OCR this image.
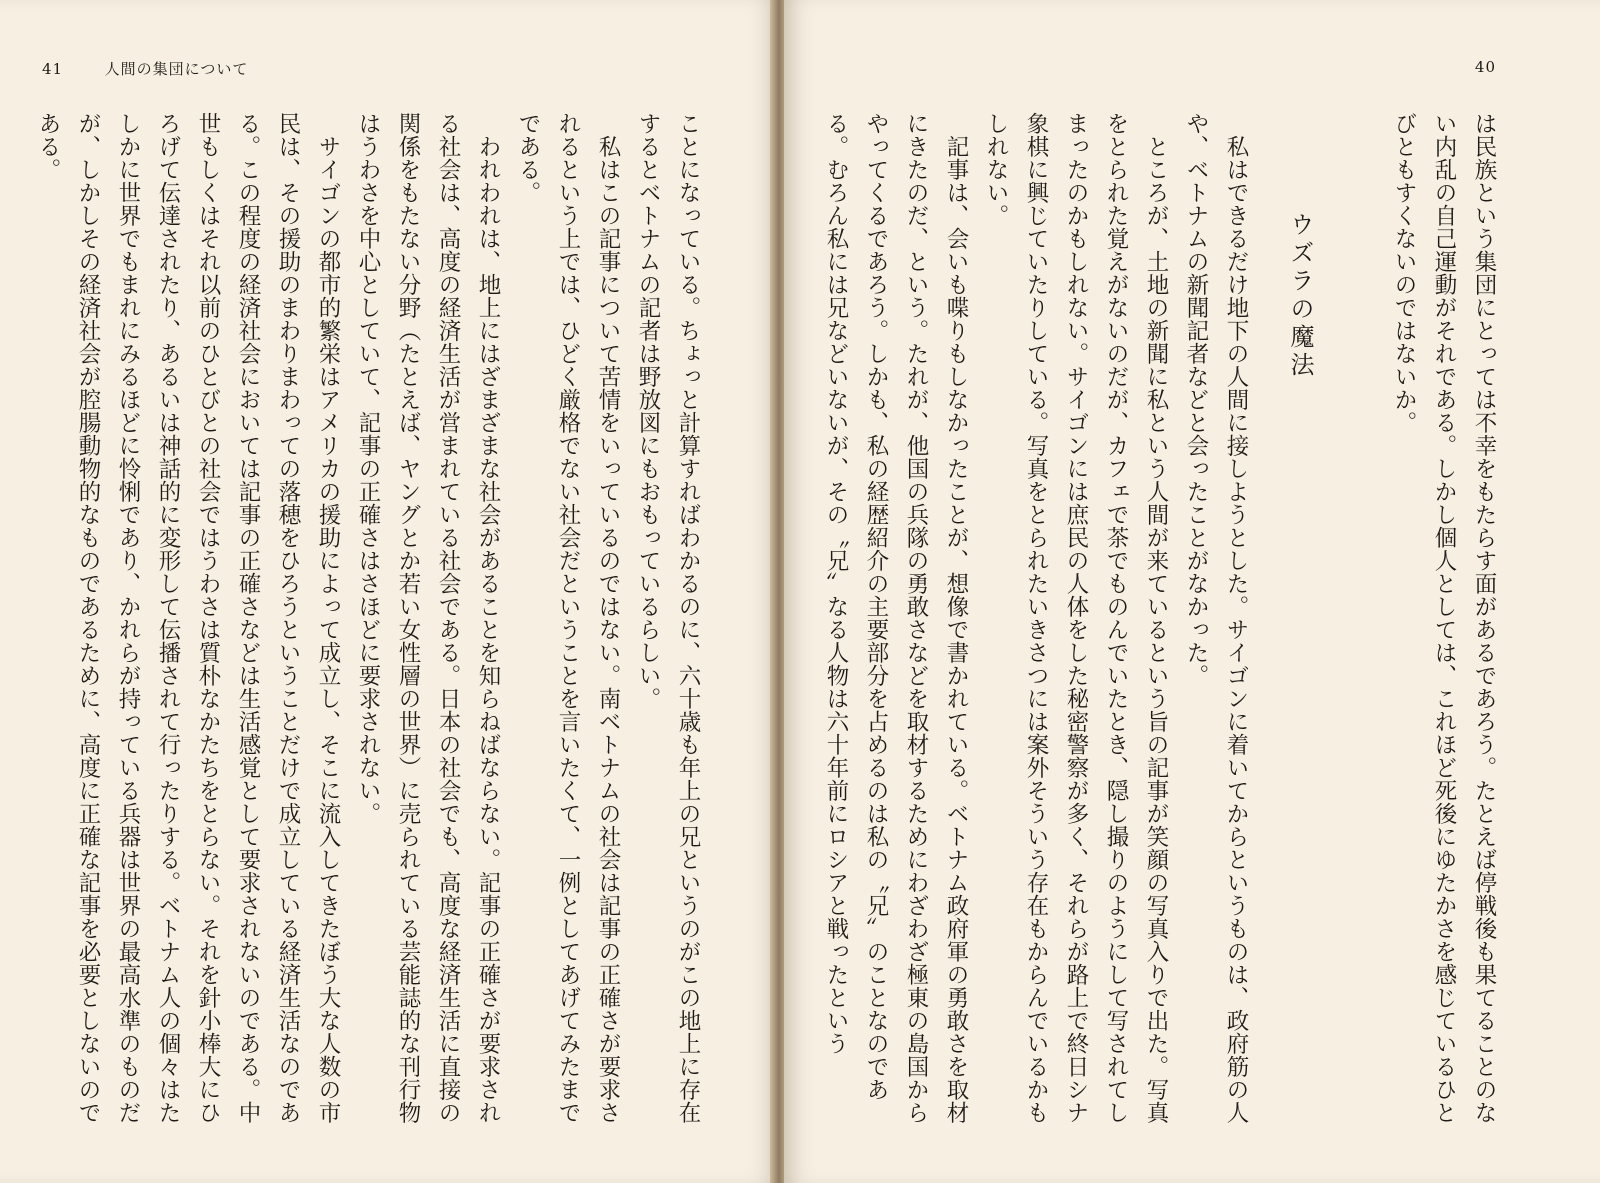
41	人間の集団について

ことになっている。ちょっと計算すればわかるのに、六十歳も年上の兄というのがこの地上に存在するとベトナムの記者は野放図にもおもっているらしい。

私はこの記事について苦情をいっているのではない。南ベトナムの社会は記事の正確さが要求されるという上では、ひどく厳格でない社会だということを言いたくて、一例としてあげてみたまでである。

われわれは、地上にはざまざまな社会があることを知らねばならない。記事の正確さが要求される社会は、高度の経済生活が営まれている社会である。日本の社会でも、高度な経済生活に直接の関係をもたない分野（たとえば、ヤングとか若い女性層の世界）に売られている芸能誌的な刊行物はうわさを中心としていて、記事の正確さはさほどに要求されない。

サイゴンの都市的繁栄はアメリカの援助によって成立し、そこに流入してきたぼう大な人数の市民は、その援助のまわりまわっての落穂をひろうということだけで成立している経済生活なのである。この程度の経済社会においては記事の正確さなどは生活感覚として要求されないのである。中世もしくはそれ以前のひとびとの社会ではうわさは質朴なかたちをとらない。それを針小棒大にひろげて伝達されたり、あるいは神話的に変形して伝播されて行ったりする。ベトナム人の個々はたしかに世界でもまれにみるほどに怜悧であり、かれらが持っている兵器は世界の最高水準のものだが、しかしその経済社会が腔腸動物的なものであるために、高度に正確な記事を必要としないのである。

40

は民族という集団にとっては不幸をもたらす面があるであろう。たとえば停戦後も果てることのない内乱の自己運動がそれである。しかし個人としては、これほど死後にゆたかさを感じているひとびともすくないのではないか。

ウズラの魔法

私はできるだけ地下の人間に接しようとした。サイゴンに着いてからというものは、政府筋の人や、ベトナムの新聞記者などと会ったことがなかった。

ところが、土地の新聞に私という人間が来ているという旨の記事が笑顔の写真入りで出た。写真をとられた覚えがないのだが、カフェで茶でものんでいたとき、隠し撮りのようにして写されてしまったのかもしれない。サイゴンには庶民の人体をした秘密警察が多く、それらが路上で終日シナ象棋に興じていたりしている。写真をとられたいきさつには案外そういう存在もからんでいるかもしれない。

記事は、会いも喋りもしなかったことが、想像で書かれている。ベトナム政府軍の勇敢さを取材にきたのだ、という。たれが、他国の兵隊の勇敢さなどを取材するためにわざわざ極東の島国からやってくるであろう。しかも、私の経歴紹介の主要部分を占めるのは私の〝兄〟のことなのである。むろん私には兄などいないが、その〝兄〟なる人物は六十年前にロシアと戦ったという
